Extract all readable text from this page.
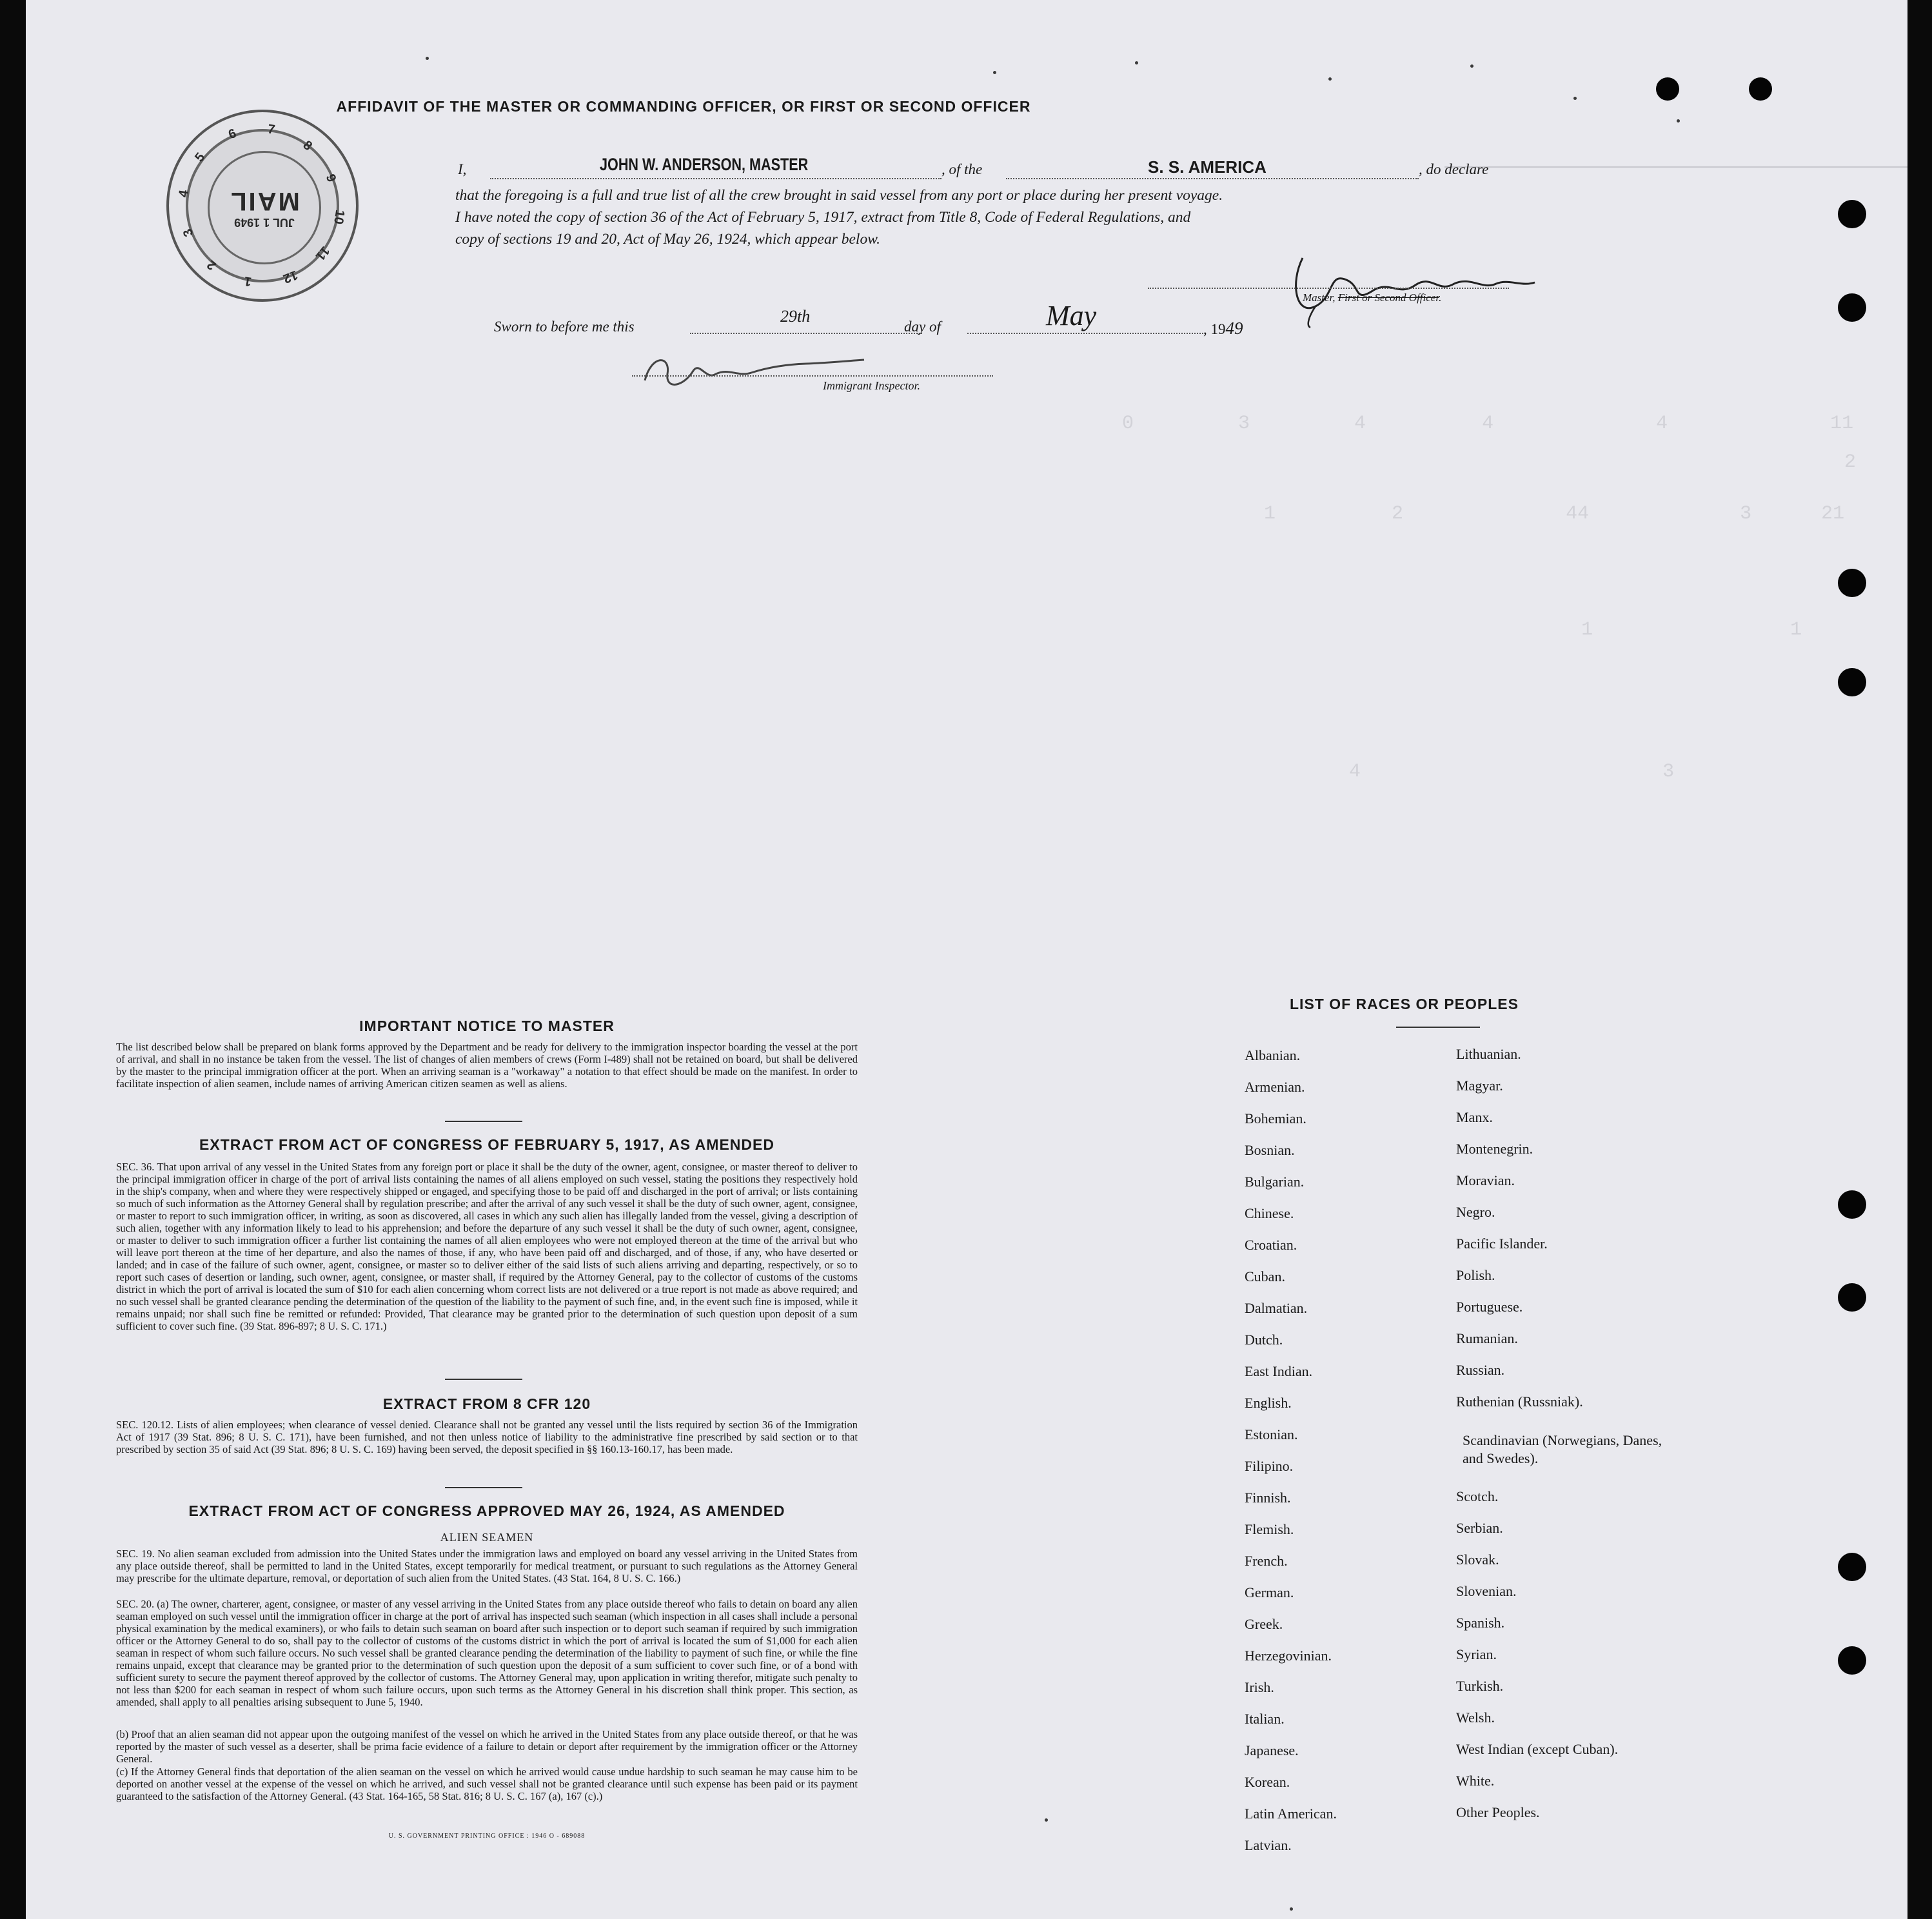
0         3         4          4              4              11
1          2              44             3      21
1                 1
4                          3
2
JUL 1 1949
MAIL
1
2
3
4
5
6 7
8
9
10
11
12
AFFIDAVIT OF THE MASTER OR COMMANDING OFFICER, OR FIRST OR SECOND OFFICER
I,	JOHN W. ANDERSON, MASTER	, of the	S. S. AMERICA	, do declare
that the foregoing is a full and true list of all the crew brought in said vessel from any port or place during her present voyage.
I have noted the copy of section 36 of the Act of February 5, 1917, extract from Title 8, Code of Federal Regulations, and
copy of sections 19 and 20, Act of May 26, 1924, which appear below.
Master, First or Second Officer.
Sworn to before me this
29th
day of	May	, 1949
Immigrant Inspector.
IMPORTANT NOTICE TO MASTER
The list described below shall be prepared on blank forms approved by the Department and be ready for delivery to the immigration inspector boarding the vessel at the port of arrival, and shall in no instance be taken from the vessel. The list of changes of alien members of crews (Form I-489) shall not be retained on board, but shall be delivered by the master to the principal immigration officer at the port. When an arriving seaman is a "workaway" a notation to that effect should be made on the manifest. In order to facilitate inspection of alien seamen, include names of arriving American citizen seamen as well as aliens.
EXTRACT FROM ACT OF CONGRESS OF FEBRUARY 5, 1917, AS AMENDED
SEC. 36. That upon arrival of any vessel in the United States from any foreign port or place it shall be the duty of the owner, agent, consignee, or master thereof to deliver to the principal immigration officer in charge of the port of arrival lists containing the names of all aliens employed on such vessel, stating the positions they respectively hold in the ship's company, when and where they were respectively shipped or engaged, and specifying those to be paid off and discharged in the port of arrival; or lists containing so much of such information as the Attorney General shall by regulation prescribe; and after the arrival of any such vessel it shall be the duty of such owner, agent, consignee, or master to report to such immigration officer, in writing, as soon as discovered, all cases in which any such alien has illegally landed from the vessel, giving a description of such alien, together with any information likely to lead to his apprehension; and before the departure of any such vessel it shall be the duty of such owner, agent, consignee, or master to deliver to such immigration officer a further list containing the names of all alien employees who were not employed thereon at the time of the arrival but who will leave port thereon at the time of her departure, and also the names of those, if any, who have been paid off and discharged, and of those, if any, who have deserted or landed; and in case of the failure of such owner, agent, consignee, or master so to deliver either of the said lists of such aliens arriving and departing, respectively, or so to report such cases of desertion or landing, such owner, agent, consignee, or master shall, if required by the Attorney General, pay to the collector of customs of the customs district in which the port of arrival is located the sum of $10 for each alien concerning whom correct lists are not delivered or a true report is not made as above required; and no such vessel shall be granted clearance pending the determination of the question of the liability to the payment of such fine, and, in the event such fine is imposed, while it remains unpaid; nor shall such fine be remitted or refunded: Provided, That clearance may be granted prior to the determination of such question upon deposit of a sum sufficient to cover such fine. (39 Stat. 896-897; 8 U. S. C. 171.)
EXTRACT FROM 8 CFR 120
SEC. 120.12. Lists of alien employees; when clearance of vessel denied. Clearance shall not be granted any vessel until the lists required by section 36 of the Immigration Act of 1917 (39 Stat. 896; 8 U. S. C. 171), have been furnished, and not then unless notice of liability to the administrative fine prescribed by said section or to that prescribed by section 35 of said Act (39 Stat. 896; 8 U. S. C. 169) having been served, the deposit specified in §§ 160.13-160.17, has been made.
EXTRACT FROM ACT OF CONGRESS APPROVED MAY 26, 1924, AS AMENDED
ALIEN SEAMEN
SEC. 19. No alien seaman excluded from admission into the United States under the immigration laws and employed on board any vessel arriving in the United States from any place outside thereof, shall be permitted to land in the United States, except temporarily for medical treatment, or pursuant to such regulations as the Attorney General may prescribe for the ultimate departure, removal, or deportation of such alien from the United States. (43 Stat. 164, 8 U. S. C. 166.)
SEC. 20. (a) The owner, charterer, agent, consignee, or master of any vessel arriving in the United States from any place outside thereof who fails to detain on board any alien seaman employed on such vessel until the immigration officer in charge at the port of arrival has inspected such seaman (which inspection in all cases shall include a personal physical examination by the medical examiners), or who fails to detain such seaman on board after such inspection or to deport such seaman if required by such immigration officer or the Attorney General to do so, shall pay to the collector of customs of the customs district in which the port of arrival is located the sum of $1,000 for each alien seaman in respect of whom such failure occurs. No such vessel shall be granted clearance pending the determination of the liability to payment of such fine, or while the fine remains unpaid, except that clearance may be granted prior to the determination of such question upon the deposit of a sum sufficient to cover such fine, or of a bond with sufficient surety to secure the payment thereof approved by the collector of customs. The Attorney General may, upon application in writing therefor, mitigate such penalty to not less than $200 for each seaman in respect of whom such failure occurs, upon such terms as the Attorney General in his discretion shall think proper. This section, as amended, shall apply to all penalties arising subsequent to June 5, 1940.
(b) Proof that an alien seaman did not appear upon the outgoing manifest of the vessel on which he arrived in the United States from any place outside thereof, or that he was reported by the master of such vessel as a deserter, shall be prima facie evidence of a failure to detain or deport after requirement by the immigration officer or the Attorney General.
(c) If the Attorney General finds that deportation of the alien seaman on the vessel on which he arrived would cause undue hardship to such seaman he may cause him to be deported on another vessel at the expense of the vessel on which he arrived, and such vessel shall not be granted clearance until such expense has been paid or its payment guaranteed to the satisfaction of the Attorney General. (43 Stat. 164-165, 58 Stat. 816; 8 U. S. C. 167 (a), 167 (c).)
U. S. GOVERNMENT PRINTING OFFICE : 1946 O - 689088
LIST OF RACES OR PEOPLES
Albanian.
Armenian.
Bohemian.
Bosnian.
Bulgarian.
Chinese.
Croatian.
Cuban.
Dalmatian.
Dutch.
East Indian.
English.
Estonian.
Filipino.
Finnish.
Flemish.
French.
German.
Greek.
Herzegovinian.
Irish.
Italian.
Japanese.
Korean.
Latin American.
Latvian.
Lithuanian.
Magyar.
Manx.
Montenegrin.
Moravian.
Negro.
Pacific Islander.
Polish.
Portuguese.
Rumanian.
Russian.
Ruthenian (Russniak).
Scandinavian (Norwegians, Danes, and Swedes).
Scotch.
Serbian.
Slovak.
Slovenian.
Spanish.
Syrian.
Turkish.
Welsh.
West Indian (except Cuban).
White.
Other Peoples.
